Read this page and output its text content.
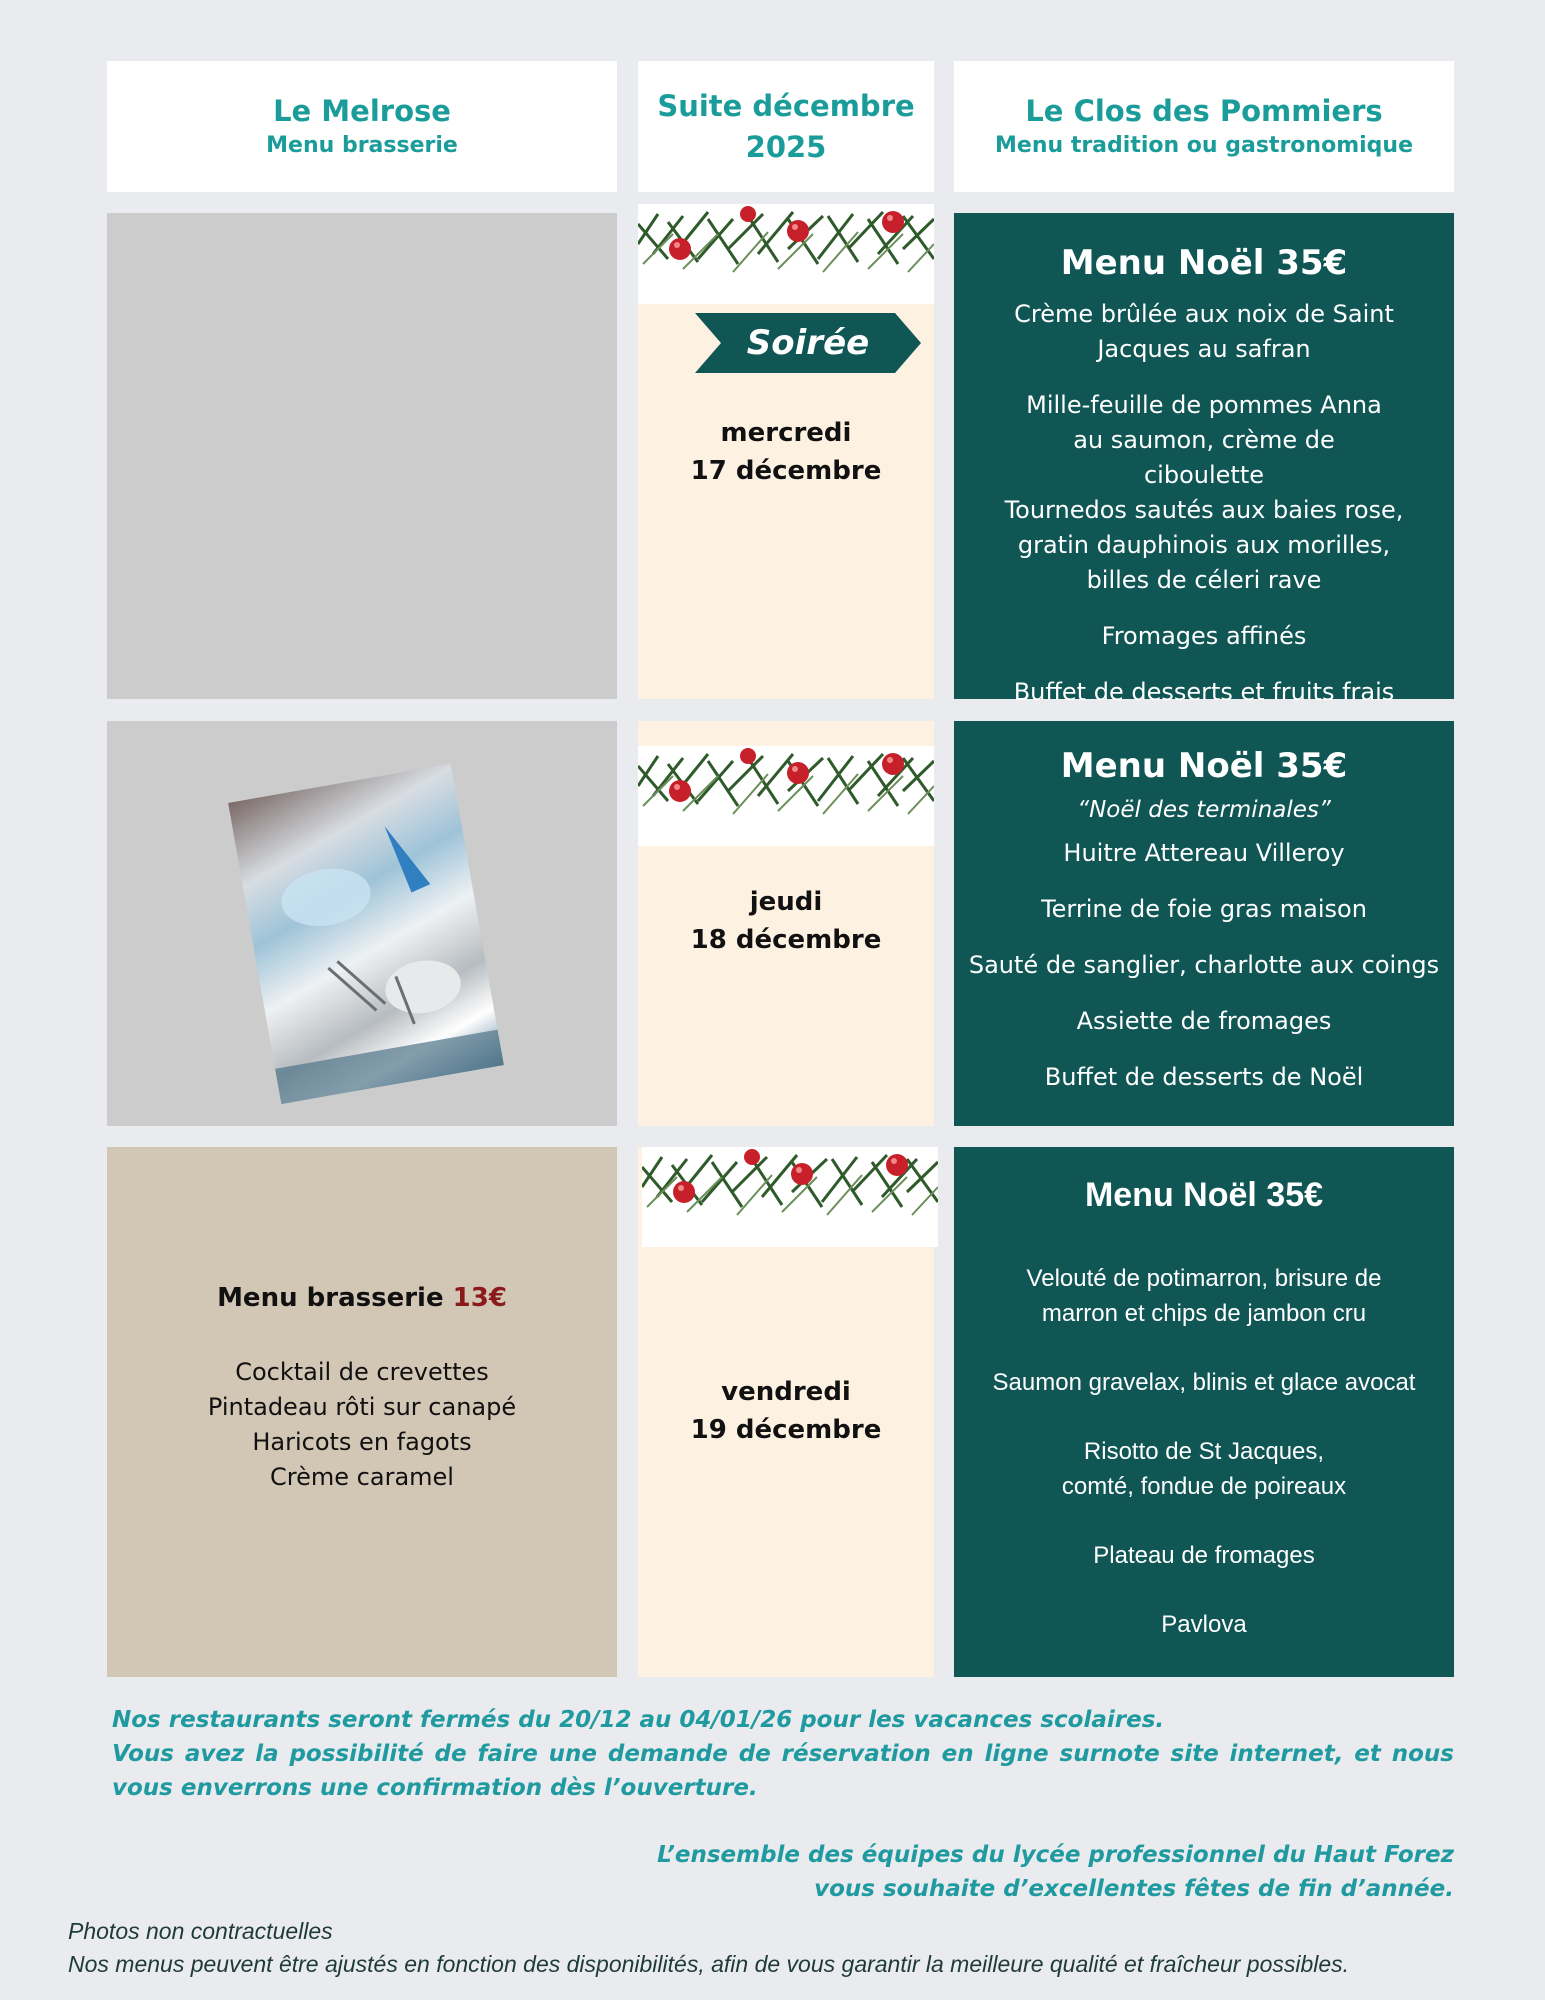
Le Melrose
Menu brasserie
Suite décembre
2025
Le Clos des Pommiers
Menu tradition ou gastronomique
Soirée
mercredi
17 décembre
Menu Noël 35€

Crème brûlée aux noix de Saint Jacques au safran

Mille-feuille de pommes Anna au saumon, crème de ciboulette

Tournedos sautés aux baies rose, gratin dauphinois aux morilles, billes de céleri rave

Fromages affinés

Buffet de desserts et fruits frais

jeudi
18 décembre
Menu Noël 35€
“Noël des terminales”

Huitre Attereau Villeroy

Terrine de foie gras maison

Sauté de sanglier, charlotte aux coings

Assiette de fromages

Buffet de desserts de Noël

Menu brasserie 13€

Cocktail de crevettes

Pintadeau rôti sur canapé

Haricots en fagots

Crème caramel

vendredi
19 décembre
Menu Noël 35€

Velouté de potimarron, brisure de marron et chips de jambon cru

Saumon gravelax, blinis et glace avocat

Risotto de St Jacques, comté, fondue de poireaux

Plateau de fromages

Pavlova

Nos restaurants seront fermés du 20/12 au 04/01/26 pour les vacances scolaires.
Vous avez la possibilité de faire une demande de réservation en ligne surnote site internet, et nous vous enverrons une confirmation dès l’ouverture.
L’ensemble des équipes du lycée professionnel du Haut Forez
vous souhaite d’excellentes fêtes de fin d’année.
Photos non contractuelles
Nos menus peuvent être ajustés en fonction des disponibilités, afin de vous garantir la meilleure qualité et fraîcheur possibles.
